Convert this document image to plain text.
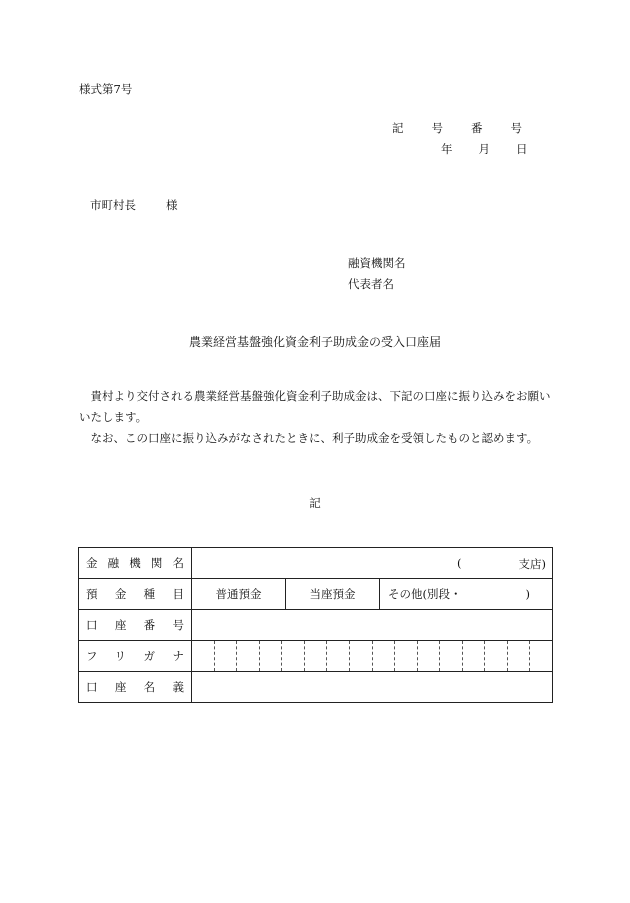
様式第7号
記 号 番 号
年 月 日
市町村長	様
融資機関名
代表者名
農業経営基盤強化資金利子助成金の受入口座届

貴村より交付される農業経営基盤強化資金利子助成金は、下記の口座に振り込みをお願いいたします。

なお、この口座に振り込みがなされたときに、利子助成金を受領したものと認めます。

記
金融機関名	( 支店)

預金種目	普通預金 当座預金 その他(別段・ )
口座番号	
フリガナ	

口座名義	
